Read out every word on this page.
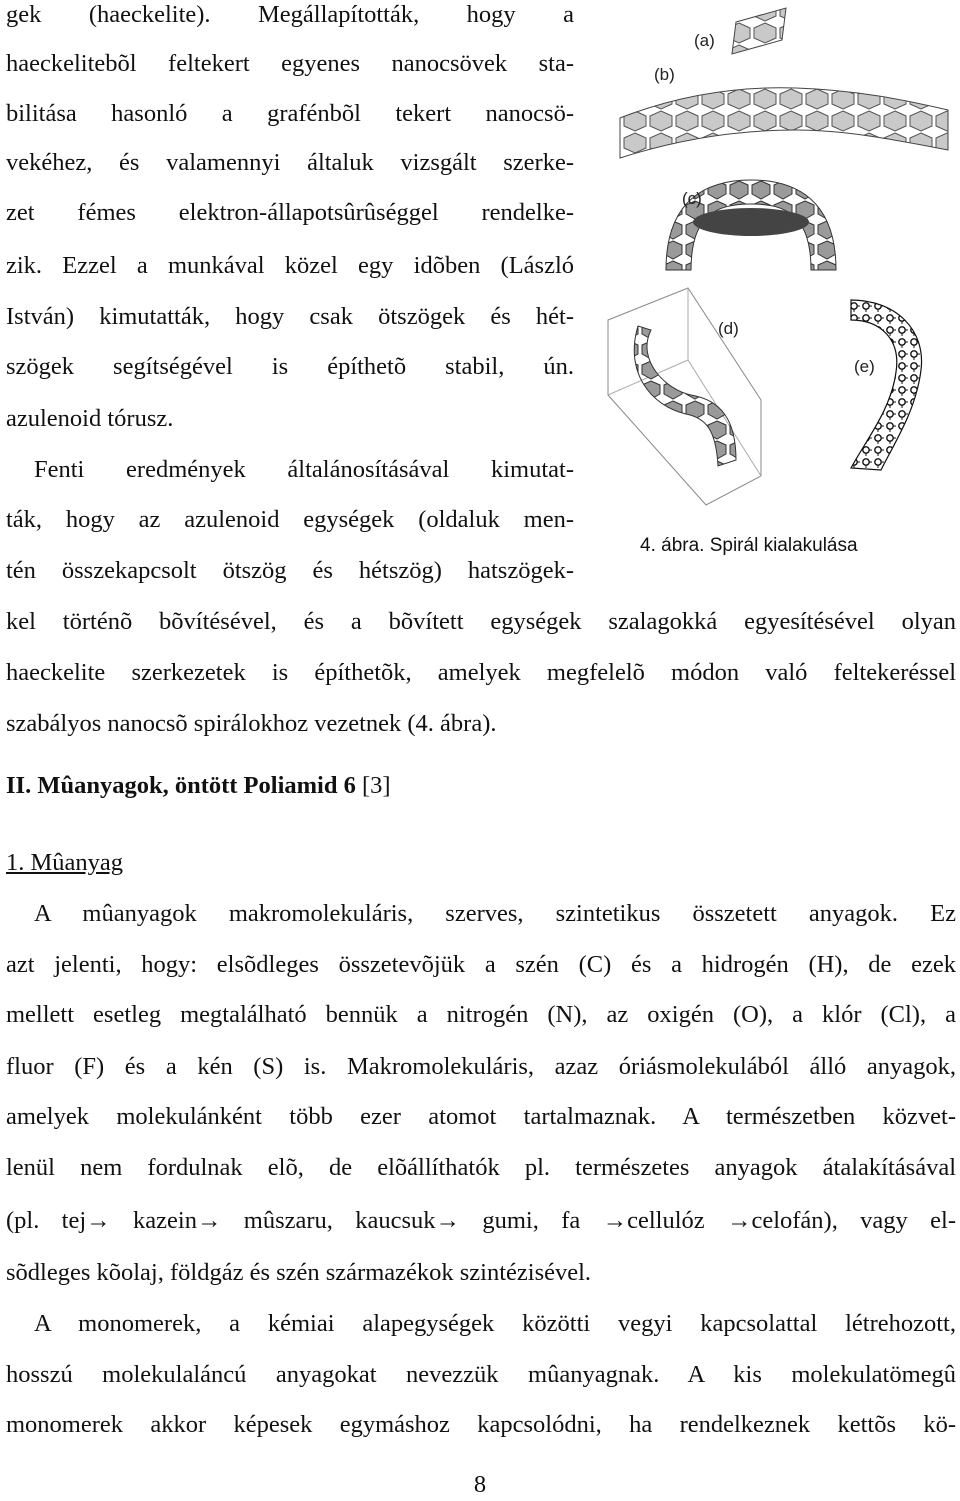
gek (haeckelite). Megállapították, hogy a
haeckelitebõl feltekert egyenes nanocsövek sta-
bilitása hasonló a grafénbõl tekert nanocsö-
vekéhez, és valamennyi általuk vizsgált szerke-
zet fémes elektron-állapotsûrûséggel rendelke-
zik. Ezzel a munkával közel egy idõben (László
István) kimutatták, hogy csak ötszögek és hét-
szögek segítségével is építhetõ stabil, ún.
azulenoid tórusz.
Fenti eredmények általánosításával kimutat-
ták, hogy az azulenoid egységek (oldaluk men-
tén összekapcsolt ötszög és hétszög) hatszögek-
kel történõ bõvítésével, és a bõvített egységek szalagokká egyesítésével olyan
haeckelite szerkezetek is építhetõk, amelyek megfelelõ módon való feltekeréssel
szabályos nanocsõ spirálokhoz vezetnek (4. ábra).
(a)
(b)
(c)
(d)
(e)
4. ábra. Spirál kialakulása
II. Mûanyagok, öntött Poliamid 6 [3]
1. Mûanyag
A mûanyagok makromolekuláris, szerves, szintetikus összetett anyagok. Ez
azt jelenti, hogy: elsõdleges összetevõjük a szén (C) és a hidrogén (H), de ezek
mellett esetleg megtalálható bennük a nitrogén (N), az oxigén (O), a klór (Cl), a
fluor (F) és a kén (S) is. Makromolekuláris, azaz óriásmolekulából álló anyagok,
amelyek molekulánként több ezer atomot tartalmaznak. A természetben közvet-
lenül nem fordulnak elõ, de elõállíthatók pl. természetes anyagok átalakításával
(pl. tej→ kazein→ mûszaru, kaucsuk→ gumi, fa →cellulóz →celofán), vagy el-
sõdleges kõolaj, földgáz és szén származékok szintézisével.
A monomerek, a kémiai alapegységek közötti vegyi kapcsolattal létrehozott,
hosszú molekulaláncú anyagokat nevezzük mûanyagnak. A kis molekulatömegû
monomerek akkor képesek egymáshoz kapcsolódni, ha rendelkeznek kettõs kö-
8
